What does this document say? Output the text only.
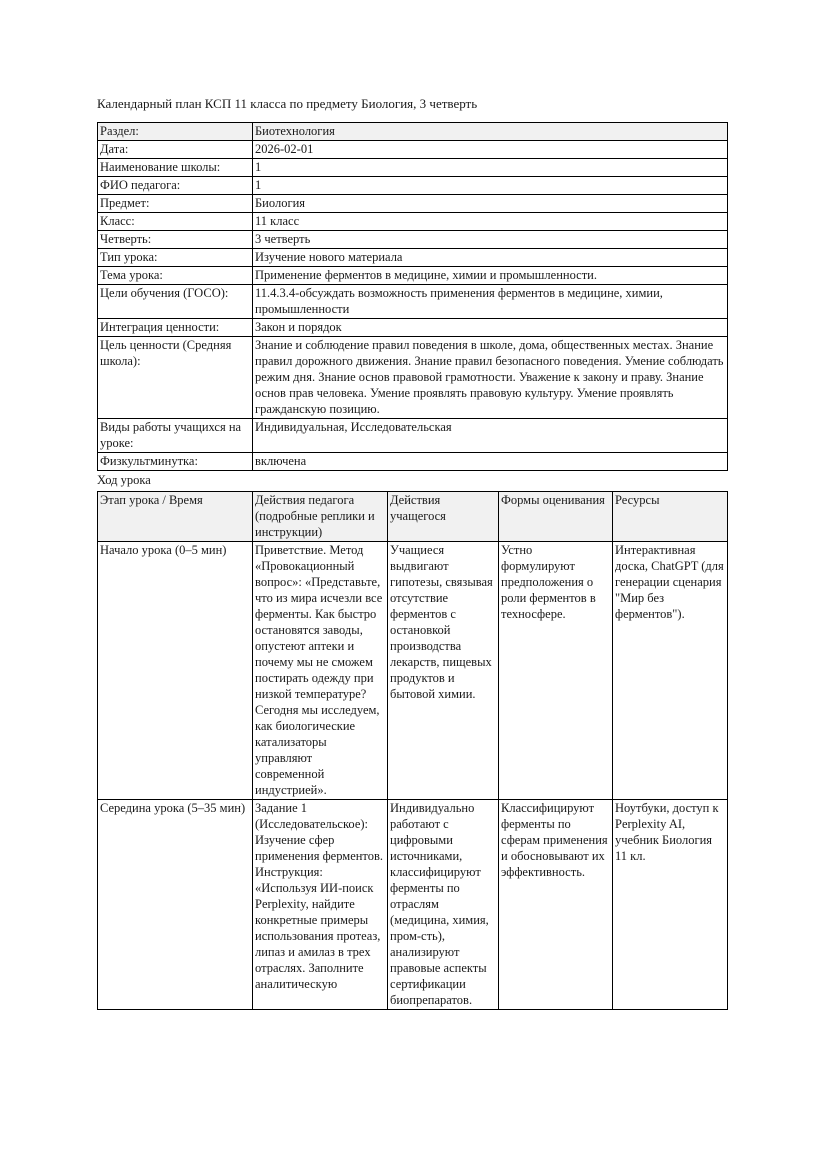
Календарный план КСП 11 класса по предмету Биология, 3 четверть

Раздел:	Биотехнология
Дата:	2026-02-01
Наименование школы:	1
ФИО педагога:	1
Предмет:	Биология
Класс:	11 класс
Четверть:	3 четверть
Тип урока:	Изучение нового материала
Тема урока:	Применение ферментов в медицине, химии и промышленности.
Цели обучения (ГОСО):	11.4.3.4-обсуждать возможность применения ферментов в медицине, химии, промышленности
Интеграция ценности:	Закон и порядок
Цель ценности (Средняя школа):	Знание и соблюдение правил поведения в школе, дома, общественных местах. Знание правил дорожного движения. Знание правил безопасного поведения. Умение соблюдать режим дня. Знание основ правовой грамотности. Уважение к закону и праву. Знание основ прав человека. Умение проявлять правовую культуру. Умение проявлять гражданскую позицию.
Виды работы учащихся на уроке:	Индивидуальная, Исследовательская
Физкультминутка:	включена

Ход урока

Этап урока / Время	Действия педагога (подробные реплики и инструкции)	Действия учащегося	Формы оценивания	Ресурсы
Начало урока (0–5 мин)	Приветствие. Метод «Провокационный вопрос»: «Представьте, что из мира исчезли все ферменты. Как быстро остановятся заводы, опустеют аптеки и почему мы не сможем постирать одежду при низкой температуре? Сегодня мы исследуем, как биологические катализаторы управляют современной индустрией».	Учащиеся выдвигают гипотезы, связывая отсутствие ферментов с остановкой производства лекарств, пищевых продуктов и бытовой химии.	Устно формулируют предположения о роли ферментов в техносфере.	Интерактивная доска, ChatGPT (для генерации сценария "Мир без ферментов").
Середина урока (5–35 мин)	Задание 1 (Исследовательское): Изучение сфер применения ферментов. Инструкция: «Используя ИИ-поиск Perplexity, найдите конкретные примеры использования протеаз, липаз и амилаз в трех отраслях. Заполните аналитическую	Индивидуально работают с цифровыми источниками, классифицируют ферменты по отраслям (медицина, химия, пром-сть), анализируют правовые аспекты сертификации биопрепаратов.	Классифицируют ферменты по сферам применения и обосновывают их эффективность.	Ноутбуки, доступ к Perplexity AI, учебник Биология 11 кл.
